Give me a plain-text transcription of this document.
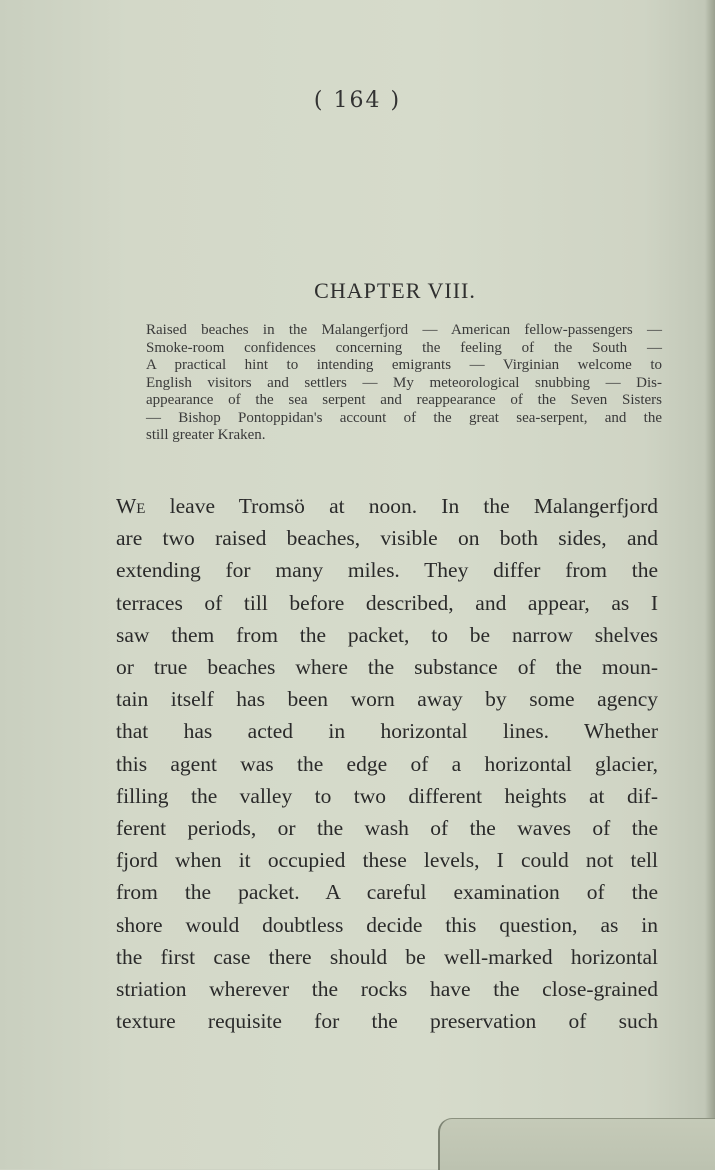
( 164 )
CHAPTER VIII.
Raised beaches in the Malangerfjord — American fellow-passengers —
Smoke-room confidences concerning the feeling of the South —
A practical hint to intending emigrants — Virginian welcome to
English visitors and settlers — My meteorological snubbing — Dis-
appearance of the sea serpent and reappearance of the Seven Sisters
— Bishop Pontoppidan's account of the great sea-serpent, and the
still greater Kraken.
We leave Tromsö at noon. In the Malangerfjord
are two raised beaches, visible on both sides, and
extending for many miles. They differ from the
terraces of till before described, and appear, as I
saw them from the packet, to be narrow shelves
or true beaches where the substance of the moun-
tain itself has been worn away by some agency
that has acted in horizontal lines. Whether
this agent was the edge of a horizontal glacier,
filling the valley to two different heights at dif-
ferent periods, or the wash of the waves of the
fjord when it occupied these levels, I could not tell
from the packet. A careful examination of the
shore would doubtless decide this question, as in
the first case there should be well-marked horizontal
striation wherever the rocks have the close-grained
texture requisite for the preservation of such
